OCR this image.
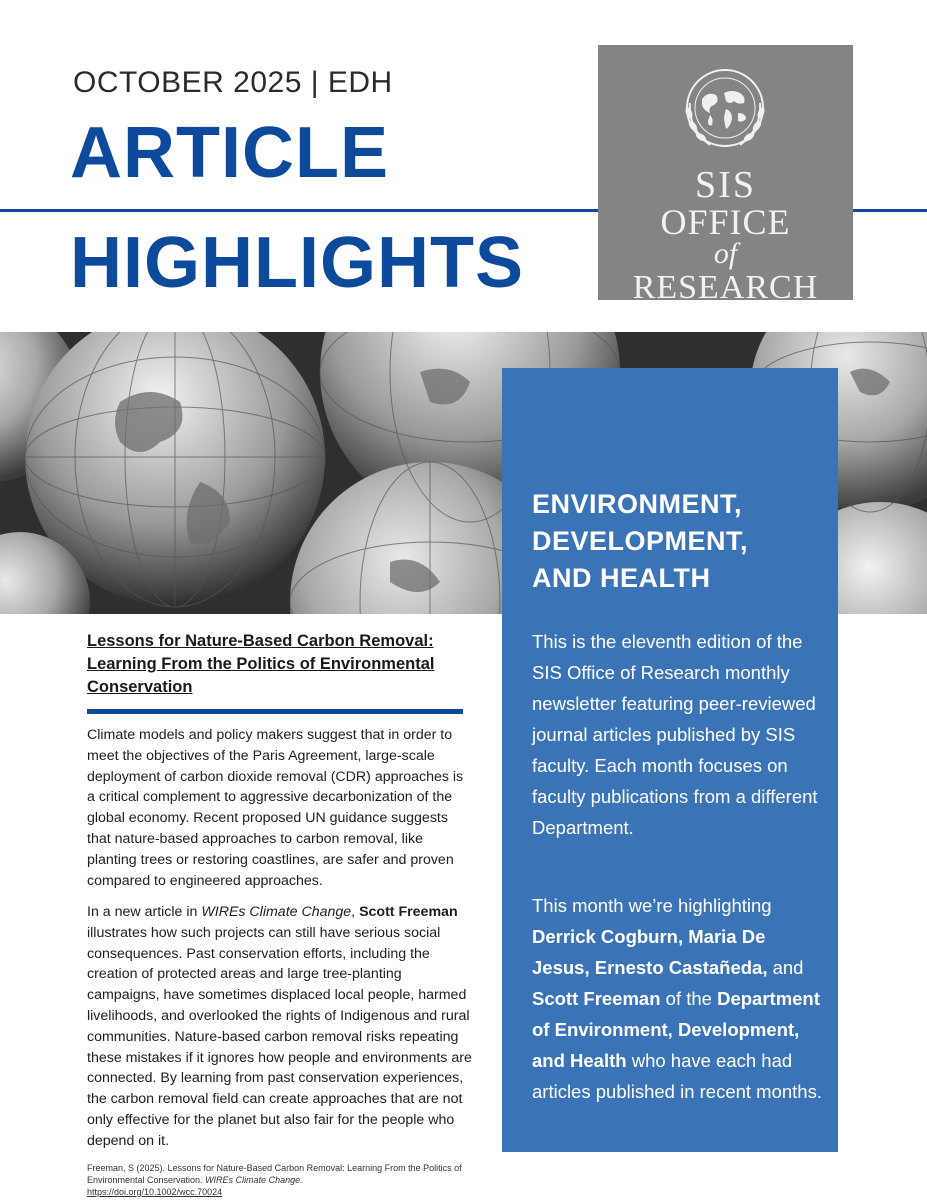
OCTOBER 2025 | EDH
ARTICLE
HIGHLIGHTS
SIS
OFFICE
of
RESEARCH
ENVIRONMENT,
DEVELOPMENT,
AND HEALTH

This is the eleventh edition of the SIS Office of Research monthly newsletter featuring peer-reviewed journal articles published by SIS faculty. Each month focuses on faculty publications from a different Department.

This month we’re highlighting Derrick Cogburn, Maria De Jesus, Ernesto Castañeda, and Scott Freeman of the Department of Environment, Development, and Health who have each had articles published in recent months.

Lessons for Nature-Based Carbon Removal: Learning From the Politics of Environmental Conservation

Climate models and policy makers suggest that in order to meet the objectives of the Paris Agreement, large-scale deployment of carbon dioxide removal (CDR) approaches is a critical complement to aggressive decarbonization of the global economy. Recent proposed UN guidance suggests that nature-based approaches to carbon removal, like planting trees or restoring coastlines, are safer and proven compared to engineered approaches.

In a new article in WIREs Climate Change, Scott Freeman illustrates how such projects can still have serious social consequences. Past conservation efforts, including the creation of protected areas and large tree-planting campaigns, have sometimes displaced local people, harmed livelihoods, and overlooked the rights of Indigenous and rural communities. Nature-based carbon removal risks repeating these mistakes if it ignores how people and environments are connected. By learning from past conservation experiences, the carbon removal field can create approaches that are not only effective for the planet but also fair for the people who depend on it.

Freeman, S (2025). Lessons for Nature-Based Carbon Removal: Learning From the Politics of Environmental Conservation. WIREs Climate Change.
https://doi.org/10.1002/wcc.70024
